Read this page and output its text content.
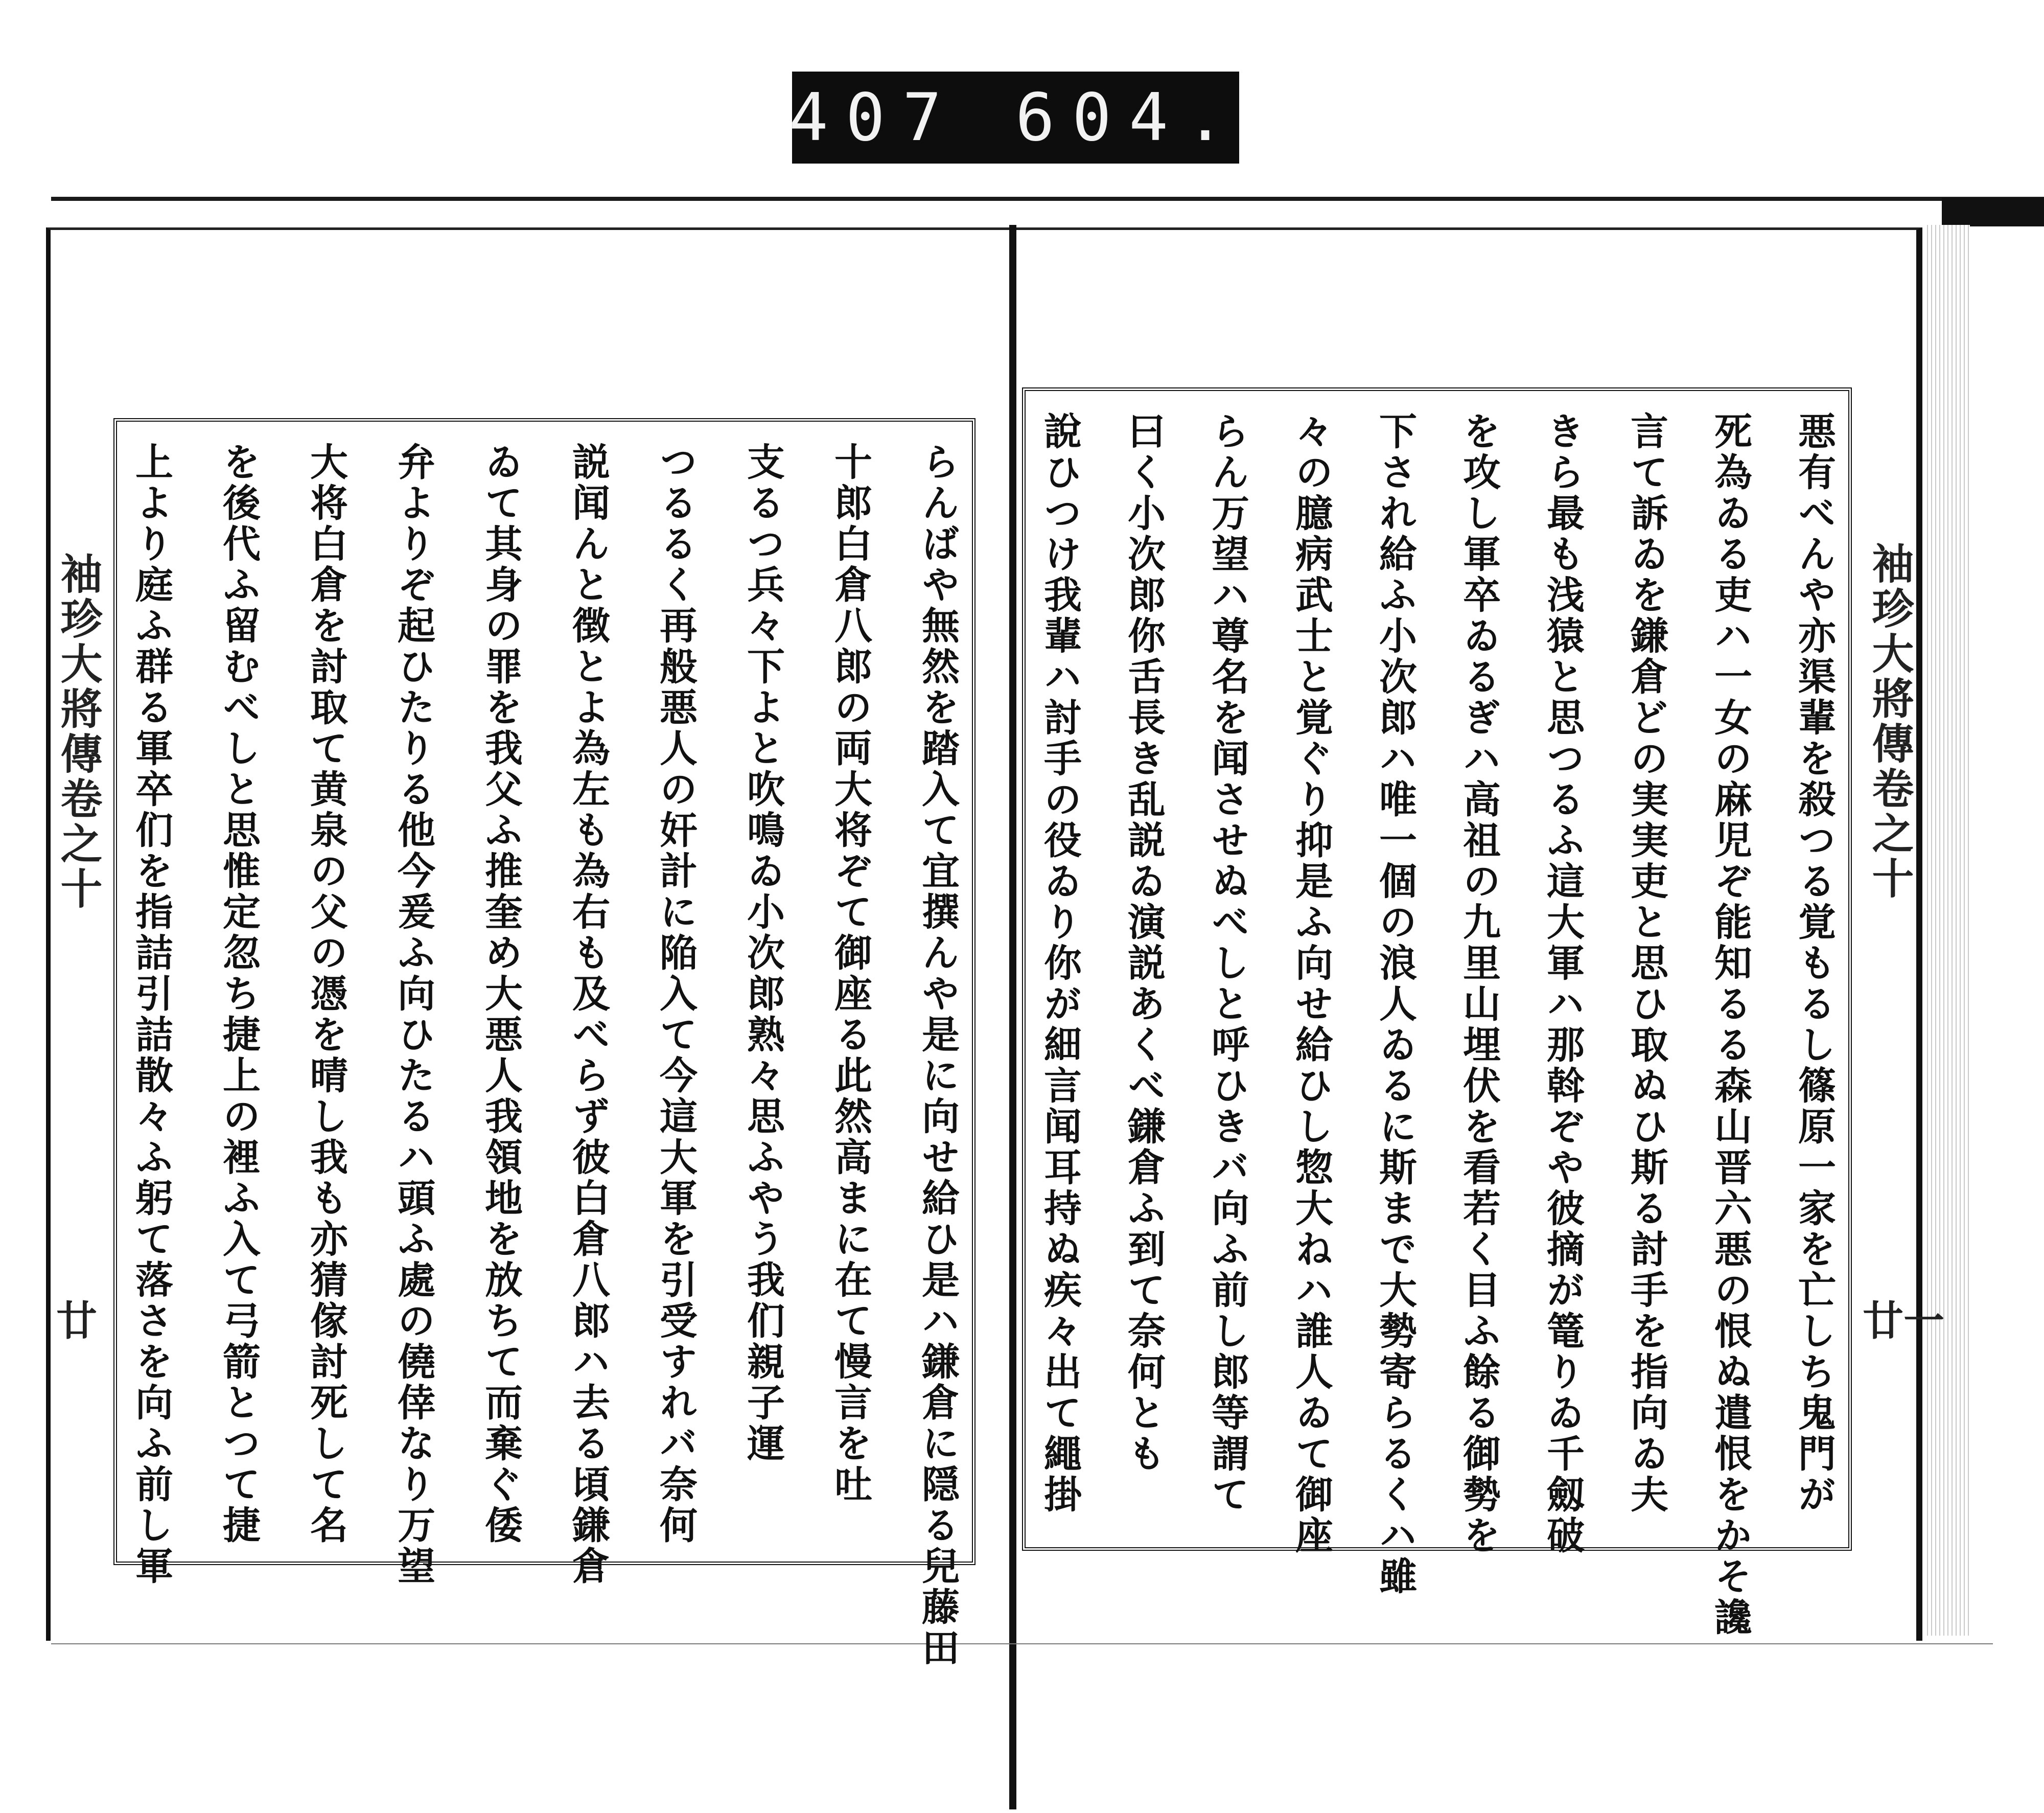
407 604.
袖珍大將傳卷之十
廿	らんばや無然を踏入て宜撰んや是に向せ給ひ是ハ鎌倉に隠る兒藤田
十郎白倉八郎の両大将ぞて御座る此然高まに在て慢言を吐
支るつ兵々下よと吹鳴ゐ小次郎熟々思ふやう我们親子運
つるるく再般悪人の奸計に陥入て今這大軍を引受すれバ奈何
説闻んと徴とよ為左も為右も及べらず彼白倉八郎ハ去る頃鎌倉
ゐて其身の罪を我父ふ推奎め大悪人我領地を放ちて而棄ぐ倭
弁よりぞ起ひたりる他今爰ふ向ひたるハ頭ふ處の僥倖なり万望
大将白倉を討取て黄泉の父の憑を晴し我も亦猜傢討死して名
を後代ふ留むべしと思惟定忽ち捷上の裡ふ入て弓箭とつて捷
上より庭ふ群る軍卒们を指詰引詰散々ふ躬て落さを向ふ前し軍	袖珍大將傳卷之十
廿一
悪有べんや亦渠輩を殺つる覚もるし篠原一家を亡しち鬼門が
死為ゐる吏ハ一女の麻児ぞ能知るる森山晋六悪の恨ぬ遣恨をかそ讒
言て訴ゐを鎌倉どの実実吏と思ひ取ぬひ斯る討手を指向ゐ夫
きら最も浅猿と思つるふ這大軍ハ那斡ぞや彼摘が篭りゐ千劔破
を攻し軍卒ゐるぎハ高祖の九里山埋伏を看若く目ふ餘る御勢を
下され給ふ小次郎ハ唯一個の浪人ゐるに斯まで大勢寄らるくハ雖
々の臆病武士と覚ぐり抑是ふ向せ給ひし惣大ねハ誰人ゐて御座
らん万望ハ尊名を闻させぬべしと呼ひきバ向ふ前し郎等謂て
曰く小次郎你舌長き乱説ゐ演説あくべ鎌倉ふ到て奈何とも
說ひつけ我輩ハ討手の役ゐり你が細言闻耳持ぬ疾々出て繩掛
